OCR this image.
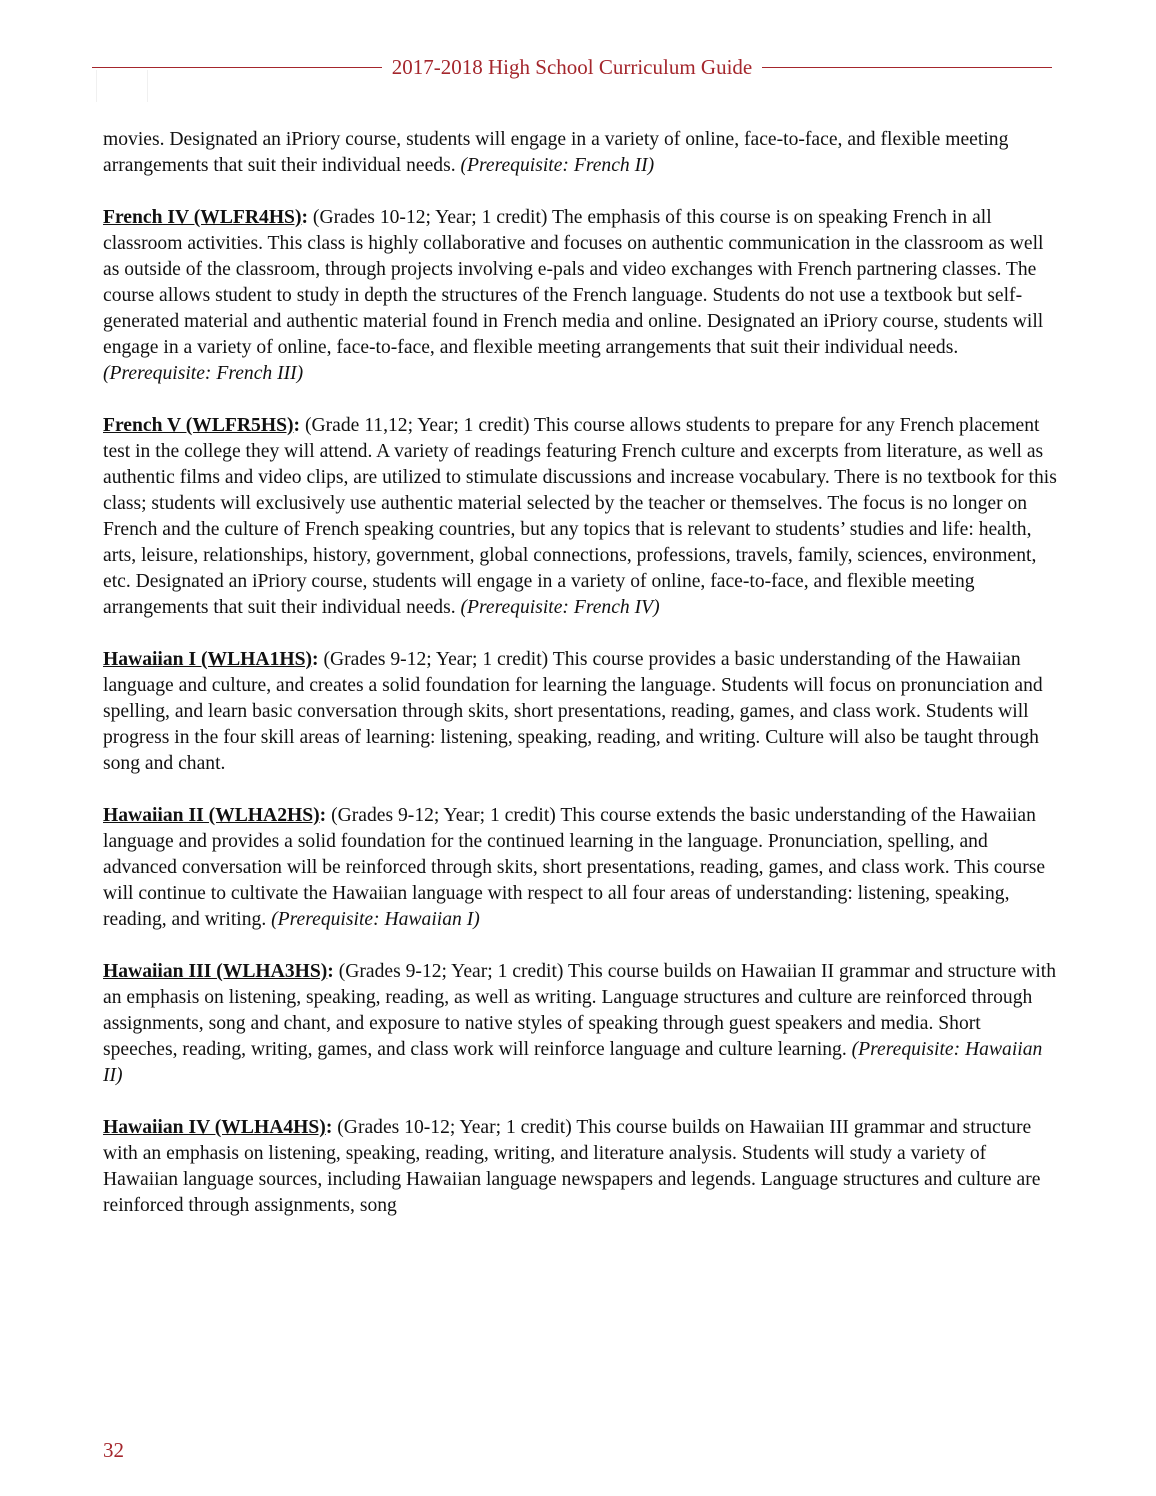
2017-2018 High School Curriculum Guide

movies. Designated an iPriory course, students will engage in a variety of online, face-to-face, and flexible meeting arrangements that suit their individual needs. (Prerequisite: French II)

French IV (WLFR4HS): (Grades 10-12; Year; 1 credit) The emphasis of this course is on speaking French in all classroom activities. This class is highly collaborative and focuses on authentic communication in the classroom as well as outside of the classroom, through projects involving e-pals and video exchanges with French partnering classes. The course allows student to study in depth the structures of the French language. Students do not use a textbook but self-generated material and authentic material found in French media and online. Designated an iPriory course, students will engage in a variety of online, face-to-face, and flexible meeting arrangements that suit their individual needs. (Prerequisite: French III)

French V (WLFR5HS): (Grade 11,12; Year; 1 credit) This course allows students to prepare for any French placement test in the college they will attend. A variety of readings featuring French culture and excerpts from literature, as well as authentic films and video clips, are utilized to stimulate discussions and increase vocabulary. There is no textbook for this class; students will exclusively use authentic material selected by the teacher or themselves. The focus is no longer on French and the culture of French speaking countries, but any topics that is relevant to students’ studies and life: health, arts, leisure, relationships, history, government, global connections, professions, travels, family, sciences, environment, etc. Designated an iPriory course, students will engage in a variety of online, face-to-face, and flexible meeting arrangements that suit their individual needs. (Prerequisite: French IV)

Hawaiian I (WLHA1HS): (Grades 9-12; Year; 1 credit) This course provides a basic understanding of the Hawaiian language and culture, and creates a solid foundation for learning the language. Students will focus on pronunciation and spelling, and learn basic conversation through skits, short presentations, reading, games, and class work. Students will progress in the four skill areas of learning: listening, speaking, reading, and writing. Culture will also be taught through song and chant.

Hawaiian II (WLHA2HS): (Grades 9-12; Year; 1 credit) This course extends the basic understanding of the Hawaiian language and provides a solid foundation for the continued learning in the language. Pronunciation, spelling, and advanced conversation will be reinforced through skits, short presentations, reading, games, and class work. This course will continue to cultivate the Hawaiian language with respect to all four areas of understanding: listening, speaking, reading, and writing. (Prerequisite: Hawaiian I)

Hawaiian III (WLHA3HS): (Grades 9-12; Year; 1 credit) This course builds on Hawaiian II grammar and structure with an emphasis on listening, speaking, reading, as well as writing. Language structures and culture are reinforced through assignments, song and chant, and exposure to native styles of speaking through guest speakers and media. Short speeches, reading, writing, games, and class work will reinforce language and culture learning. (Prerequisite: Hawaiian II)

Hawaiian IV (WLHA4HS): (Grades 10-12; Year; 1 credit) This course builds on Hawaiian III grammar and structure with an emphasis on listening, speaking, reading, writing, and literature analysis. Students will study a variety of Hawaiian language sources, including Hawaiian language newspapers and legends. Language structures and culture are reinforced through assignments, song

32
